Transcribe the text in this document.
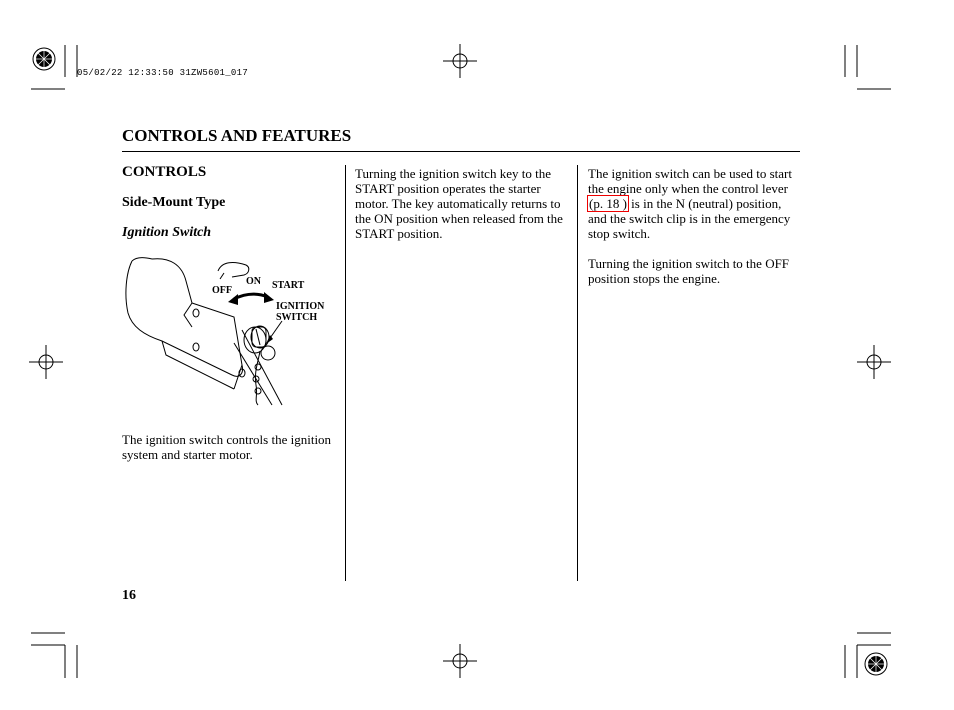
05/02/22 12:33:50 31ZW5601_017
CONTROLS AND FEATURES
CONTROLS
Side-Mount Type
Ignition Switch
ON
OFF	START
IGNITION
SWITCH
The ignition switch controls the ignition system and starter motor.
Turning the ignition switch key to the START position operates the starter motor. The key automatically returns to the ON position when released from the START position.
The ignition switch can be used to start the engine only when the control lever (p. 18 ) is in the N (neutral) position, and the switch clip is in the emergency stop switch.
Turning the ignition switch to the OFF position stops the engine.
16
